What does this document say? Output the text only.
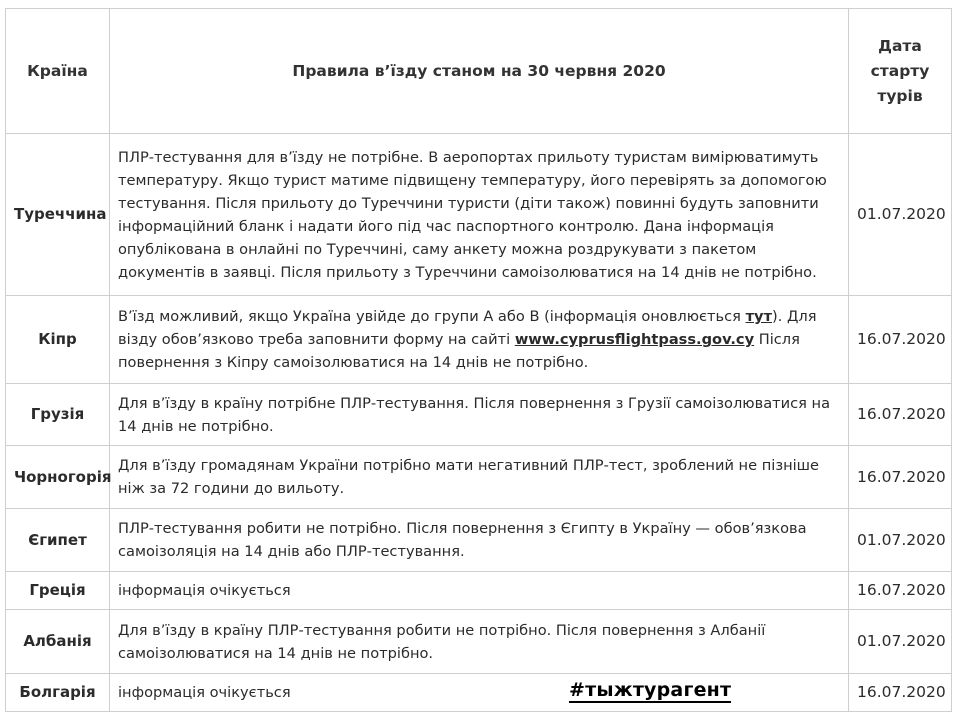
Країна	Правила в’їзду станом на 30 червня 2020	Дата
старту
турів

Туреччина	ПЛР-тестування для в’їзду не потрібне. В аеропортах прильоту туристам вимірюватимуть температуру. Якщо турист матиме підвищену температуру, його перевірять за допомогою тестування. Після прильоту до Туреччини туристи (діти також) повинні будуть заповнити інформаційний бланк і надати його під час паспортного контролю. Дана інформація опублікована в онлайні по Туреччині, саму анкету можна роздрукувати з пакетом документів в заявці. Після прильоту з Туреччини самоізолюватися на 14 днів не потрібно.	01.07.2020
Кіпр	В’їзд можливий, якщо Україна увійде до групи А або В (інформація оновлюється тут). Для візду обов’язково треба заповнити форму на сайті www.cyprusflightpass.gov.cy Після повернення з Кіпру самоізолюватися на 14 днів не потрібно.	16.07.2020
Грузія	Для в’їзду в країну потрібне ПЛР-тестування. Після повернення з Грузії самоізолюватися на 14 днів не потрібно.	16.07.2020
Чорногорія	Для в’їзду громадянам України потрібно мати негативний ПЛР-тест, зроблений не пізніше ніж за 72 години до вильоту.	16.07.2020
Єгипет	ПЛР-тестування робити не потрібно. Після повернення з Єгипту в Україну — обов’язкова самоізоляція на 14 днів або ПЛР-тестування.	01.07.2020
Греція	інформація очікується	16.07.2020
Албанія	Для в’їзду в країну ПЛР-тестування робити не потрібно. Після повернення з Албанії самоізолюватися на 14 днів не потрібно.	01.07.2020
Болгарія	інформація очікується	16.07.2020
#тыжтурагент
